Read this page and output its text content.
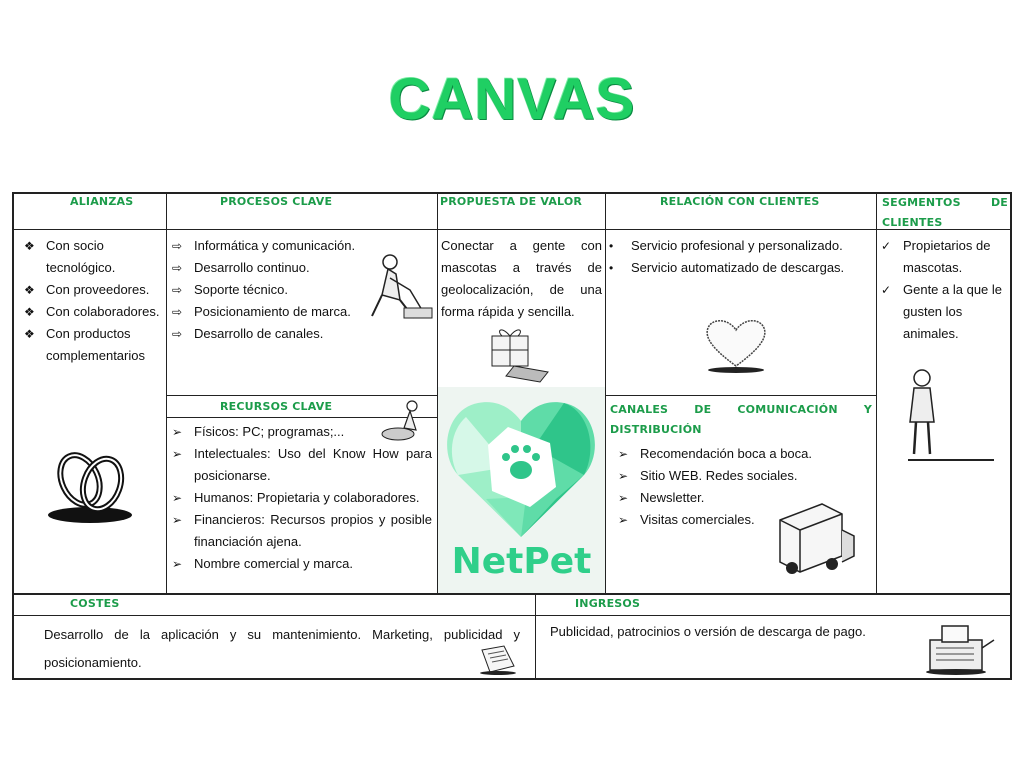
CANVAS
ALIANZAS
❖ Con socio tecnológico.
❖ Con proveedores.
❖ Con colaboradores.
❖ Con productos complementarios
PROCESOS CLAVE
⇨ Informática y comunicación.
⇨ Desarrollo continuo.
⇨ Soporte técnico.
⇨ Posicionamiento de marca.
⇨ Desarrollo de canales.
RECURSOS CLAVE
➢ Físicos: PC; programas;...
➢ Intelectuales: Uso del Know How para posicionarse.
➢ Humanos: Propietaria y colaboradores.
➢ Financieros: Recursos propios y posible financiación ajena.
➢ Nombre comercial y marca.
PROPUESTA DE VALOR
Conectar a gente con mascotas a través de geolocalización, de una forma rápida y sencilla.
NetPet
RELACIÓN CON CLIENTES
• Servicio profesional y personalizado.
• Servicio automatizado de descargas.
CANALES DE COMUNICACIÓN Y DISTRIBUCIÓN
➢ Recomendación boca a boca.
➢ Sitio WEB. Redes sociales.
➢ Newsletter.
➢ Visitas comerciales.
SEGMENTOS DE CLIENTES
✓ Propietarios de mascotas.
✓ Gente a la que le gusten los animales.
COSTES
Desarrollo de la aplicación y su mantenimiento. Marketing, publicidad y posicionamiento.
INGRESOS
Publicidad, patrocinios o versión de descarga de pago.
